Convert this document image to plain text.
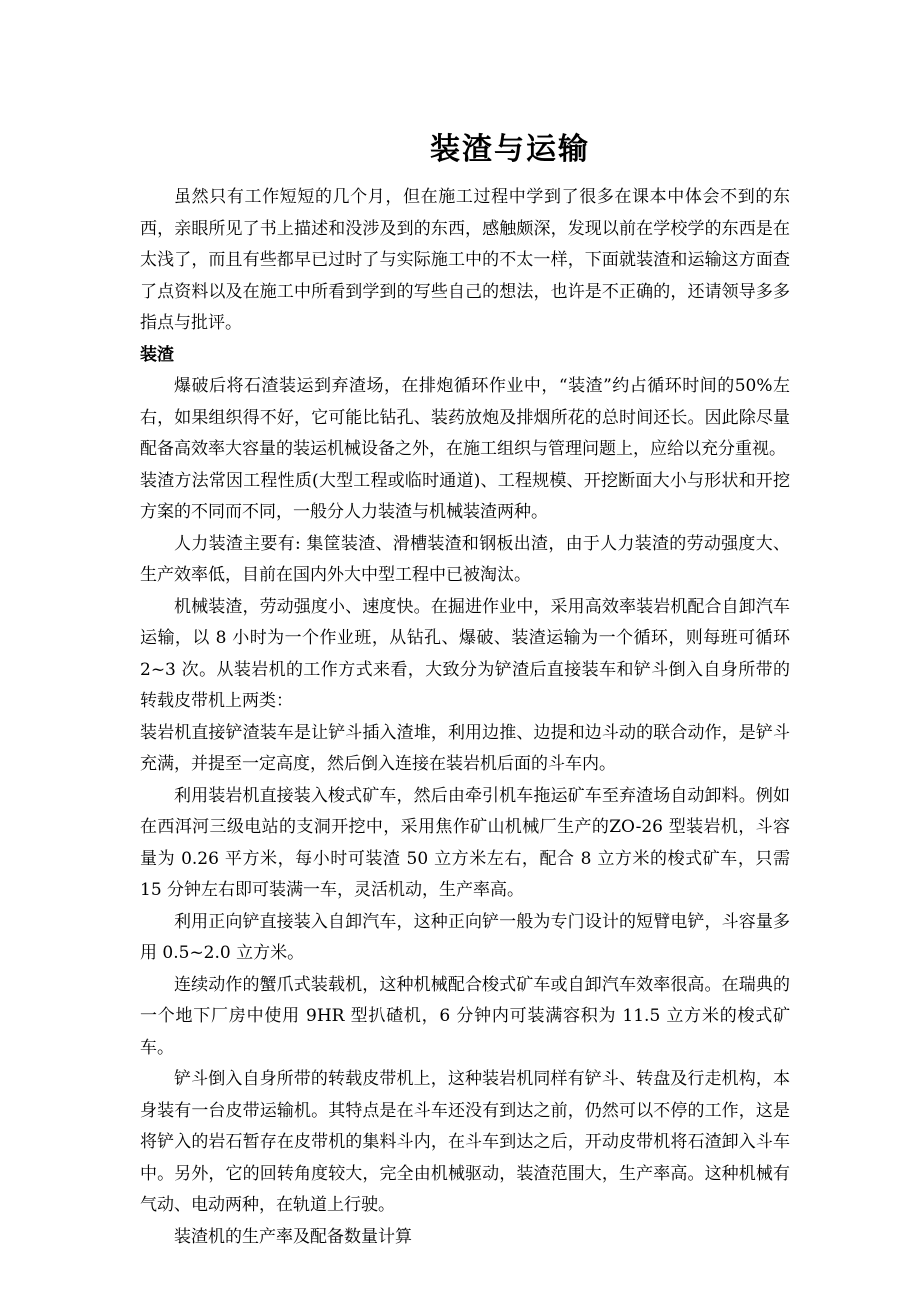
装渣与运输

虽然只有工作短短的几个月，但在施工过程中学到了很多在课本中体会不到的东西，亲眼所见了书上描述和没涉及到的东西，感触颇深，发现以前在学校学的东西是在太浅了，而且有些都早已过时了与实际施工中的不太一样，下面就装渣和运输这方面查了点资料以及在施工中所看到学到的写些自己的想法，也许是不正确的，还请领导多多指点与批评。

装渣

爆破后将石渣装运到弃渣场，在排炮循环作业中，“装渣”约占循环时间的50%左右，如果组织得不好，它可能比钻孔、装药放炮及排烟所花的总时间还长。因此除尽量配备高效率大容量的装运机械设备之外，在施工组织与管理问题上，应给以充分重视。

装渣方法常因工程性质(大型工程或临时通道)、工程规模、开挖断面大小与形状和开挖方案的不同而不同，一般分人力装渣与机械装渣两种。

人力装渣主要有: 集筐装渣、滑槽装渣和钢板出渣，由于人力装渣的劳动强度大、生产效率低，目前在国内外大中型工程中已被淘汰。

机械装渣，劳动强度小、速度快。在掘进作业中，采用高效率装岩机配合自卸汽车运输，以 8 小时为一个作业班，从钻孔、爆破、装渣运输为一个循环，则每班可循环 2~3 次。从装岩机的工作方式来看，大致分为铲渣后直接装车和铲斗倒入自身所带的转载皮带机上两类：

装岩机直接铲渣装车是让铲斗插入渣堆，利用边推、边提和边斗动的联合动作，是铲斗充满，并提至一定高度，然后倒入连接在装岩机后面的斗车内。

利用装岩机直接装入梭式矿车，然后由牵引机车拖运矿车至弃渣场自动卸料。例如在西洱河三级电站的支洞开挖中，采用焦作矿山机械厂生产的ZO-26 型装岩机，斗容量为 0.26 平方米，每小时可装渣 50 立方米左右，配合 8 立方米的梭式矿车，只需 15 分钟左右即可装满一车，灵活机动，生产率高。

利用正向铲直接装入自卸汽车，这种正向铲一般为专门设计的短臂电铲，斗容量多用 0.5~2.0 立方米。

连续动作的蟹爪式装载机，这种机械配合梭式矿车或自卸汽车效率很高。在瑞典的一个地下厂房中使用 9HR 型扒碴机，6 分钟内可装满容积为 11.5 立方米的梭式矿车。

铲斗倒入自身所带的转载皮带机上，这种装岩机同样有铲斗、转盘及行走机构，本身装有一台皮带运输机。其特点是在斗车还没有到达之前，仍然可以不停的工作，这是将铲入的岩石暂存在皮带机的集料斗内，在斗车到达之后，开动皮带机将石渣卸入斗车中。另外，它的回转角度较大，完全由机械驱动，装渣范围大，生产率高。这种机械有气动、电动两种，在轨道上行驶。

装渣机的生产率及配备数量计算
